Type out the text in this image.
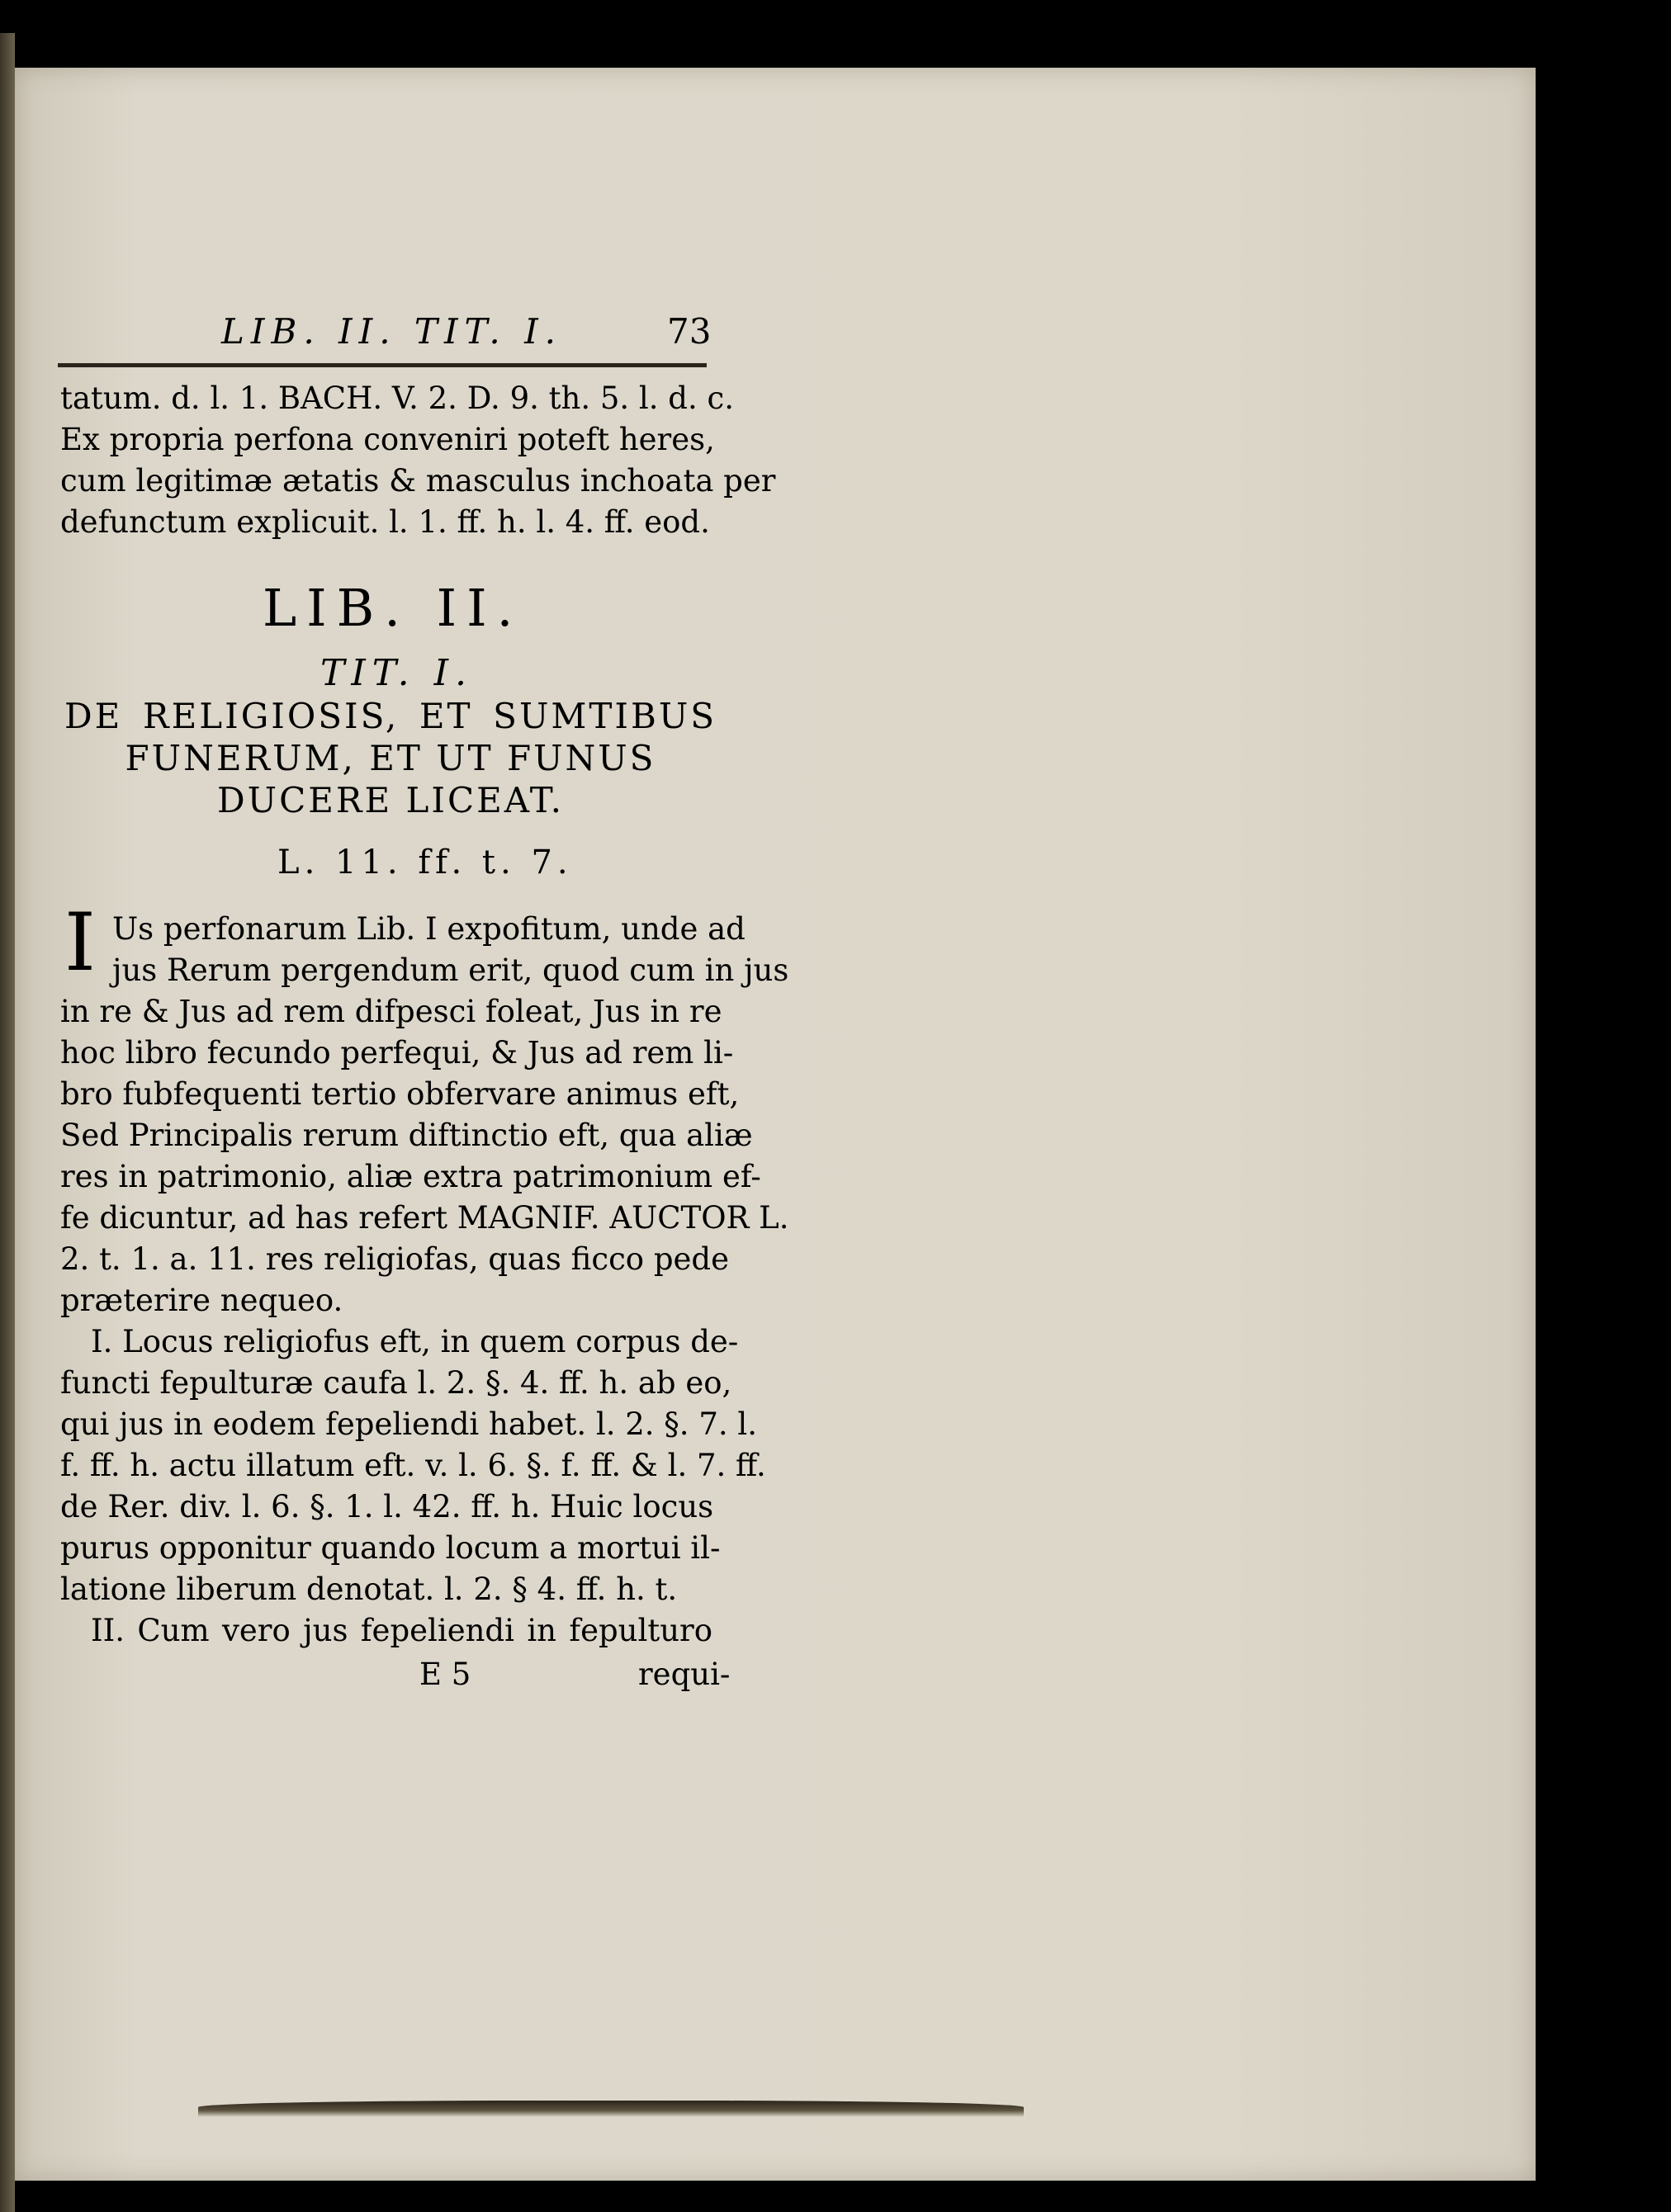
LIB. II. TIT. I.	73
tatum. d. l. 1. BACH. V. 2. D. 9. th. 5. l. d. c.
Ex propria perfona conveniri poteft heres,
cum legitimæ ætatis & masculus inchoata per
defunctum explicuit. l. 1. ff. h. l. 4. ff. eod.
LIB. II.
TIT. I.
DE RELIGIOSIS, ET SUMTIBUS
FUNERUM, ET UT FUNUS
DUCERE LICEAT.
L. 11. ff. t. 7.
I Us perfonarum Lib. I expofitum, unde ad
jus Rerum pergendum erit, quod cum in jus
in re & Jus ad rem difpesci foleat, Jus in re
hoc libro fecundo perfequi, & Jus ad rem li-
bro fubfequenti tertio obfervare animus eft,
Sed Principalis rerum diftinctio eft, qua aliæ
res in patrimonio, aliæ extra patrimonium ef-
fe dicuntur, ad has refert MAGNIF. AUCTOR L.
2. t. 1. a. 11. res religiofas, quas ficco pede
præterire nequeo.
I. Locus religiofus eft, in quem corpus de-
functi fepulturæ caufa l. 2. §. 4. ff. h. ab eo,
qui jus in eodem fepeliendi habet. l. 2. §. 7. l.
f. ff. h. actu illatum eft. v. l. 6. §. f. ff. & l. 7. ff.
de Rer. div. l. 6. §. 1. l. 42. ff. h. Huic locus
purus opponitur quando locum a mortui il-
latione liberum denotat. l. 2. § 4. ff. h. t.
II. Cum vero jus fepeliendi in fepulturo
E 5	requi-
